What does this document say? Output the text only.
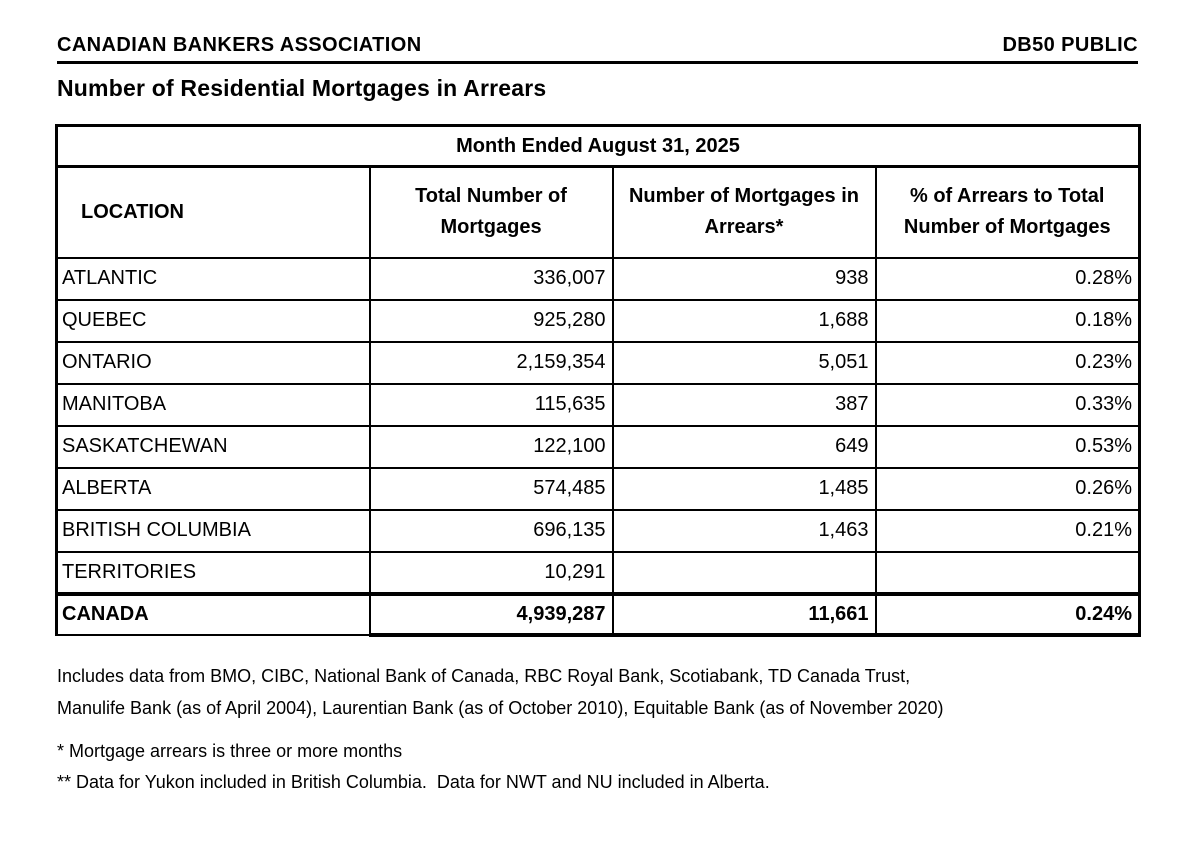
CANADIAN BANKERS ASSOCIATION	DB50 PUBLIC
Number of Residential Mortgages in Arrears
Month Ended August 31, 2025			
LOCATION	Total Number of Mortgages	Number of Mortgages in Arrears*	% of Arrears to Total Number of Mortgages
ATLANTIC	336,007	938	0.28%
QUEBEC	925,280	1,688	0.18%
ONTARIO	2,159,354	5,051	0.23%
MANITOBA	115,635	387	0.33%
SASKATCHEWAN	122,100	649	0.53%
ALBERTA	574,485	1,485	0.26%
BRITISH COLUMBIA	696,135	1,463	0.21%
TERRITORIES	10,291		
CANADA	4,939,287	11,661	0.24%
Includes data from BMO, CIBC, National Bank of Canada, RBC Royal Bank, Scotiabank, TD Canada Trust,
Manulife Bank (as of April 2004), Laurentian Bank (as of October 2010), Equitable Bank (as of November 2020)

* Mortgage arrears is three or more months

** Data for Yukon included in British Columbia.  Data for NWT and NU included in Alberta.
